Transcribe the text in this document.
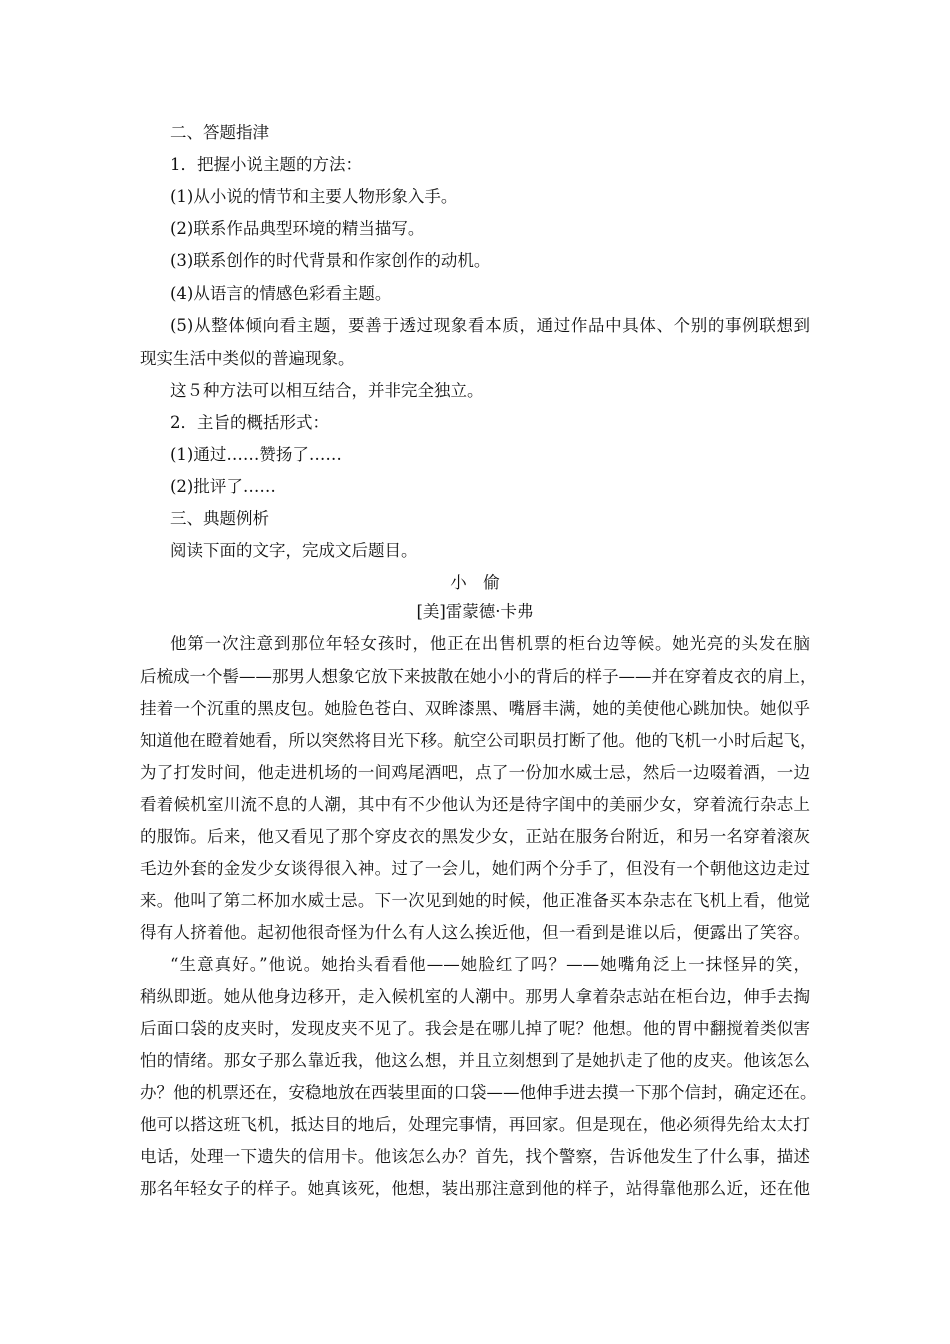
二、答题指津
1．把握小说主题的方法：
(1)从小说的情节和主要人物形象入手。
(2)联系作品典型环境的精当描写。
(3)联系创作的时代背景和作家创作的动机。
(4)从语言的情感色彩看主题。
(5)从整体倾向看主题，要善于透过现象看本质，通过作品中具体、个别的事例联想到
现实生活中类似的普遍现象。
这５种方法可以相互结合，并非完全独立。
2．主旨的概括形式：
(1)通过……赞扬了……
(2)批评了……
三、典题例析
阅读下面的文字，完成文后题目。
小　偷
[美]雷蒙德·卡弗
他第一次注意到那位年轻女孩时，他正在出售机票的柜台边等候。她光亮的头发在脑
后梳成一个髻——那男人想象它放下来披散在她小小的背后的样子——并在穿着皮衣的肩上，
挂着一个沉重的黑皮包。她脸色苍白、双眸漆黑、嘴唇丰满，她的美使他心跳加快。她似乎
知道他在瞪着她看，所以突然将目光下移。航空公司职员打断了他。他的飞机一小时后起飞，
为了打发时间，他走进机场的一间鸡尾酒吧，点了一份加水威士忌，然后一边啜着酒，一边
看着候机室川流不息的人潮，其中有不少他认为还是待字闺中的美丽少女，穿着流行杂志上
的服饰。后来，他又看见了那个穿皮衣的黑发少女，正站在服务台附近，和另一名穿着滚灰
毛边外套的金发少女谈得很入神。过了一会儿，她们两个分手了，但没有一个朝他这边走过
来。他叫了第二杯加水威士忌。下一次见到她的时候，他正准备买本杂志在飞机上看，他觉
得有人挤着他。起初他很奇怪为什么有人这么挨近他，但一看到是谁以后，便露出了笑容。
“生意真好。”他说。她抬头看看他——她脸红了吗？——她嘴角泛上一抹怪异的笑，
稍纵即逝。她从他身边移开，走入候机室的人潮中。那男人拿着杂志站在柜台边，伸手去掏
后面口袋的皮夹时，发现皮夹不见了。我会是在哪儿掉了呢？他想。他的胃中翻搅着类似害
怕的情绪。那女子那么靠近我，他这么想，并且立刻想到了是她扒走了他的皮夹。他该怎么
办？他的机票还在，安稳地放在西装里面的口袋——他伸手进去摸一下那个信封，确定还在。
他可以搭这班飞机，抵达目的地后，处理完事情，再回家。但是现在，他必须得先给太太打
电话，处理一下遗失的信用卡。他该怎么办？首先，找个警察，告诉他发生了什么事，描述
那名年轻女子的样子。她真该死，他想，装出那注意到他的样子，站得靠他那么近，还在他
